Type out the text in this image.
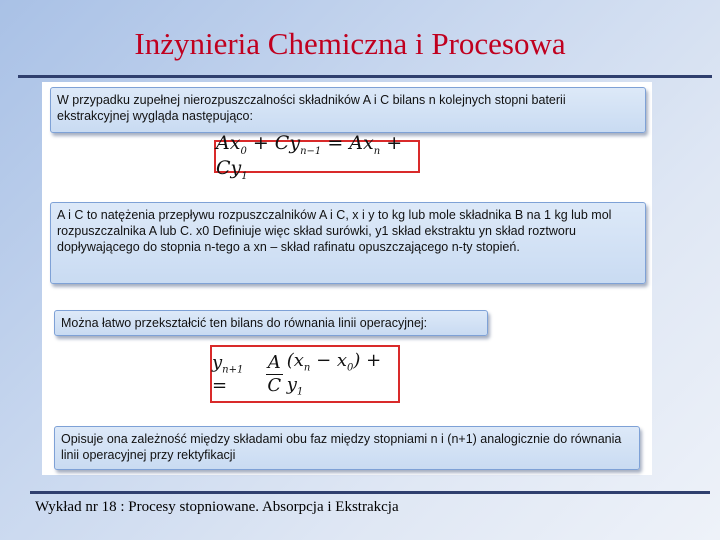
Inżynieria Chemiczna i Procesowa
W przypadku zupełnej nierozpuszczalności składników A i C bilans n kolejnych stopni baterii ekstrakcyjnej wygląda następująco:
$Ax_0 + Cy_{n-1} = Ax_n + Cy_1$
A i C to natężenia przepływu rozpuszczalników A i C, x i y to kg lub mole składnika B na 1 kg lub mol rozpuszczalnika A lub C. x0 Definiuje więc skład surówki, y1 skład ekstraktu yn skład roztworu dopływającego do stopnia n-tego a xn – skład rafinatu opuszczającego n-ty stopień.
Można łatwo przekształcić ten bilans do równania linii operacyjnej:
$y_{n+1}$ =	$\frac{A}{C} (x_n - x_0) + y_1$
Opisuje ona zależność między składami obu faz między stopniami n i (n+1) analogicznie do równania linii operacyjnej przy rektyfikacji
Wykład nr 18 : Procesy stopniowane. Absorpcja i Ekstrakcja
